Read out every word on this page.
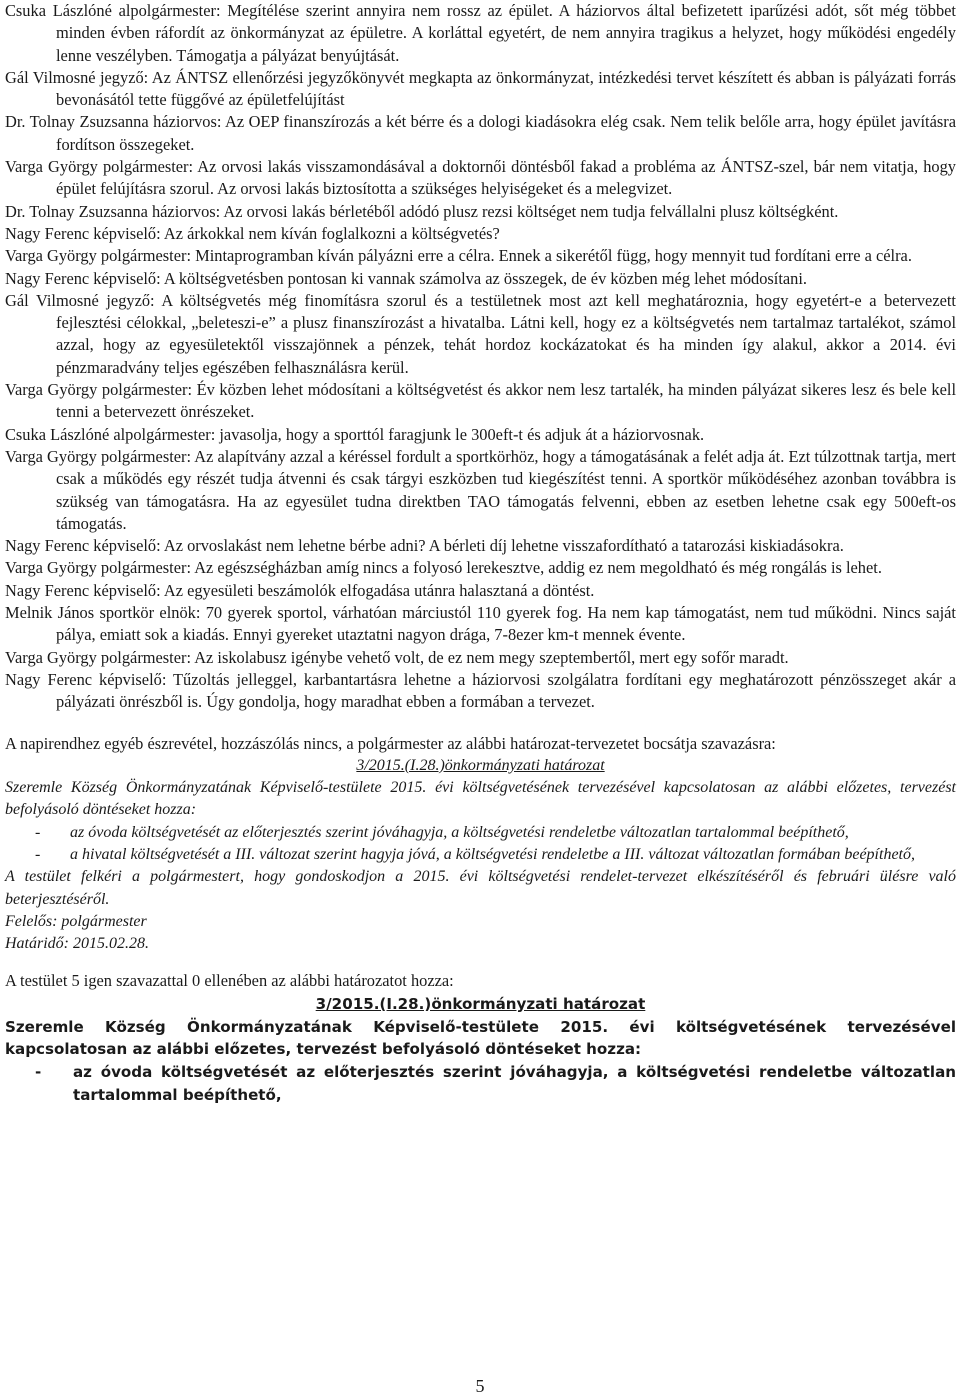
Csuka Lászlóné alpolgármester: Megítélése szerint annyira nem rossz az épület. A háziorvos által befizetett iparűzési adót, sőt még többet minden évben ráfordít az önkormányzat az épületre. A korláttal egyetért, de nem annyira tragikus a helyzet, hogy működési engedély lenne veszélyben. Támogatja a pályázat benyújtását.

Gál Vilmosné jegyző: Az ÁNTSZ ellenőrzési jegyzőkönyvét megkapta az önkormányzat, intézkedési tervet készített és abban is pályázati forrás bevonásától tette függővé az épületfelújítást

Dr. Tolnay Zsuzsanna háziorvos: Az OEP finanszírozás a két bérre és a dologi kiadásokra elég csak. Nem telik belőle arra, hogy épület javításra fordítson összegeket.

Varga György polgármester: Az orvosi lakás visszamondásával a doktornői döntésből fakad a probléma az ÁNTSZ-szel, bár nem vitatja, hogy épület felújításra szorul. Az orvosi lakás biztosította a szükséges helyiségeket és a melegvizet.

Dr. Tolnay Zsuzsanna háziorvos: Az orvosi lakás bérletéből adódó plusz rezsi költséget nem tudja felvállalni plusz költségként.

Nagy Ferenc képviselő: Az árkokkal nem kíván foglalkozni a költségvetés?

Varga György polgármester: Mintaprogramban kíván pályázni erre a célra. Ennek a sikerétől függ, hogy mennyit tud fordítani erre a célra.

Nagy Ferenc képviselő: A költségvetésben pontosan ki vannak számolva az összegek, de év közben még lehet módosítani.

Gál Vilmosné jegyző: A költségvetés még finomításra szorul és a testületnek most azt kell meghatároznia, hogy egyetért-e a betervezett fejlesztési célokkal, „beleteszi-e” a plusz finanszírozást a hivatalba. Látni kell, hogy ez a költségvetés nem tartalmaz tartalékot, számol azzal, hogy az egyesületektől visszajönnek a pénzek, tehát hordoz kockázatokat és ha minden így alakul, akkor a 2014. évi pénzmaradvány teljes egészében felhasználásra kerül.

Varga György polgármester: Év közben lehet módosítani a költségvetést és akkor nem lesz tartalék, ha minden pályázat sikeres lesz és bele kell tenni a betervezett önrészeket.

Csuka Lászlóné alpolgármester: javasolja, hogy a sporttól faragjunk le 300eft-t és adjuk át a háziorvosnak.

Varga György polgármester: Az alapítvány azzal a kéréssel fordult a sportkörhöz, hogy a támogatásának a felét adja át. Ezt túlzottnak tartja, mert csak a működés egy részét tudja átvenni és csak tárgyi eszközben tud kiegészítést tenni. A sportkör működéséhez azonban továbbra is szükség van támogatásra. Ha az egyesület tudna direktben TAO támogatás felvenni, ebben az esetben lehetne csak egy 500eft-os támogatás.

Nagy Ferenc képviselő: Az orvoslakást nem lehetne bérbe adni? A bérleti díj lehetne visszafordítható a tatarozási kiskiadásokra.

Varga György polgármester: Az egészségházban amíg nincs a folyosó lerekesztve, addig ez nem megoldható és még rongálás is lehet.

Nagy Ferenc képviselő: Az egyesületi beszámolók elfogadása utánra halasztaná a döntést.

Melnik János sportkör elnök: 70 gyerek sportol, várhatóan márciustól 110 gyerek fog. Ha nem kap támogatást, nem tud működni. Nincs saját pálya, emiatt sok a kiadás. Ennyi gyereket utaztatni nagyon drága, 7-8ezer km-t mennek évente.

Varga György polgármester: Az iskolabusz igénybe vehető volt, de ez nem megy szeptembertől, mert egy sofőr maradt.

Nagy Ferenc képviselő: Tűzoltás jelleggel, karbantartásra lehetne a háziorvosi szolgálatra fordítani egy meghatározott pénzösszeget akár a pályázati önrészből is. Úgy gondolja, hogy maradhat ebben a formában a tervezet.

A napirendhez egyéb észrevétel, hozzászólás nincs, a polgármester az alábbi határozat-tervezetet bocsátja szavazásra:

3/2015.(I.28.)önkormányzati határozat

Szeremle Község Önkormányzatának Képviselő-testülete 2015. évi költségvetésének tervezésével kapcsolatosan az alábbi előzetes, tervezést befolyásoló döntéseket hozza:

-	az óvoda költségvetését az előterjesztés szerint jóváhagyja, a költségvetési rendeletbe változatlan tartalommal beépíthető,
-	a hivatal költségvetését a III. változat szerint hagyja jóvá, a költségvetési rendeletbe a III. változat változatlan formában beépíthető,

A testület felkéri a polgármestert, hogy gondoskodjon a 2015. évi költségvetési rendelet-tervezet elkészítéséről és februári ülésre való beterjesztéséről.

Felelős: polgármester

Határidő: 2015.02.28.

A testület 5 igen szavazattal 0 ellenében az alábbi határozatot hozza:

3/2015.(I.28.)önkormányzati határozat

Szeremle Község Önkormányzatának Képviselő-testülete 2015. évi költségvetésének tervezésével kapcsolatosan az alábbi előzetes, tervezést befolyásoló döntéseket hozza:

-	az óvoda költségvetését az előterjesztés szerint jóváhagyja, a költségvetési rendeletbe változatlan tartalommal beépíthető,
5
